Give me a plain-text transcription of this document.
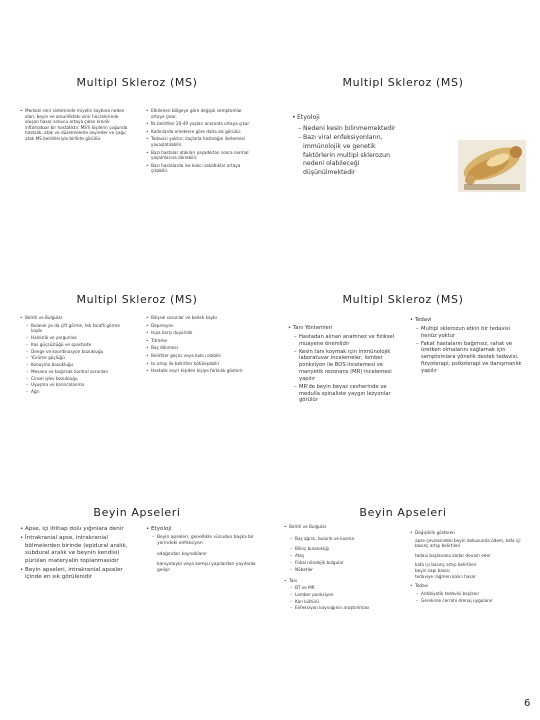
Multipl Skleroz (MS)
• Merkezi sinir sisteminde miyelin kaybına neden olan, beyin ve omurilikteki sinir hücrelerinde oluşan hasar sonucu ortaya çıkan kronik inflamatuar bir hastalıktır. MS'li kişilerin çoğunda hastalık, atak ve düzelmelerle seyreder ve çoğu atak MS belirtileriyle birlikte görülür.
• Etkilenen bölgeye göre değişik semptomlar ortaya çıkar.
• İlk belirtiler 20-40 yaşları arasında ortaya çıkar.
• Kadınlarda erkeklere göre daha sık görülür.
• Tedavisi yoktur; ilaçlarla hastalığın ilerlemesi yavaşlatılabilir.
• Bazı hastalar atakları yaşadıktan sonra normal yaşamlarına dönebilir.
• Bazı hastalarda ise kalıcı sakatlıklar ortaya çıkabilir.
Multipl Skleroz (MS)
• Etyoloji
– Nedeni kesin bilinmemektedir
– Bazı viral enfeksiyonların, immünolojik ve genetik faktörlerin multipl sklerozun nedeni olabileceği düşünülmektedir
Multipl Skleroz (MS)
• Belirti ve Bulgular
– Bulanık ya da çift görme, tek taraflı görme kaybı
– Halsizlik ve yorgunluk
– Kas güçsüzlüğü ve spastisite
– Denge ve koordinasyon bozukluğu
– Yürüme güçlüğü
– Konuşma bozukluğu
– Mesane ve bağırsak kontrol sorunları
– Cinsel işlev bozukluğu
– Uyuşma ve karıncalanma
– Ağrı
• Bilişsel sorunlar ve bellek kaybı
• Depresyon
• Isıya karşı duyarlılık
• Titreme
• Baş dönmesi
• Belirtiler geçici veya kalıcı olabilir
• Isı artışı ile belirtiler kötüleşebilir
• Hastalık seyri kişiden kişiye farklılık gösterir
Multipl Skleroz (MS)
• Tanı Yöntemleri
– Hastadan alınan anamnez ve fiziksel muayene önemlidir
– Kesin tanı koymak için immünolojik laboratuvar incelemeler, lomber ponksiyon ile BOS incelemesi ve manyetik rezonans (MR) incelemesi yapılır
– MR'de beyin beyaz cevherinde ve medulla spinaliste yaygın lezyonlar görülür
• Tedavi
– Multipl sklerozun etkin bir tedavisi henüz yoktur
– Fakat hastaların bağımsız, rahat ve üretken olmalarını sağlamak için semptomlara yönelik destek tedavisi, fizyoterapi, psikoterapi ve danışmanlık yapılır
Beyin Apseleri
• Apse, içi iltihap dolu yığınlara denir
• İntrakranial apse, intrakranial bölmelerden birinde (epidural aralık, subdural aralık ve beynin kendisi) pürülan materyalin toplanmasıdır
• Beyin apseleri, intrakranial apseler içinde en sık görülenidir
• Etyoloji
– Beyin apseleri, genellikle vücudun başka bir yerindeki enfeksiyon
odağından kaynaklanır
kanıyoluyla veya komşu yapılardan yayılarak gelişir
Beyin Apseleri
• Belirti ve Bulgular
– Baş ağrısı, bulantı ve kusma
– Bilinç bulanıklığı
– Ateş
– Fokal nörolojik bulgular
– Nöbetler
• Tanı
– BT ve MR
– Lomber ponksiyon
– Kan kültürü
– Enfeksiyon kaynağının araştırılması
• Değişiklik gösteren
apse çevresindeki beyin dokusunda ödem, kafa içi basınç artışı belirtileri
tedavi başlanana kadar devam eder
kafa içi basınç artışı belirtileri
beyin sapı basısı
tedaviye rağmen kalıcı hasar
• Tedavi
– Antibiyotik tedavisi başlanır
– Gerekirse cerrahi drenaj uygulanır
6
